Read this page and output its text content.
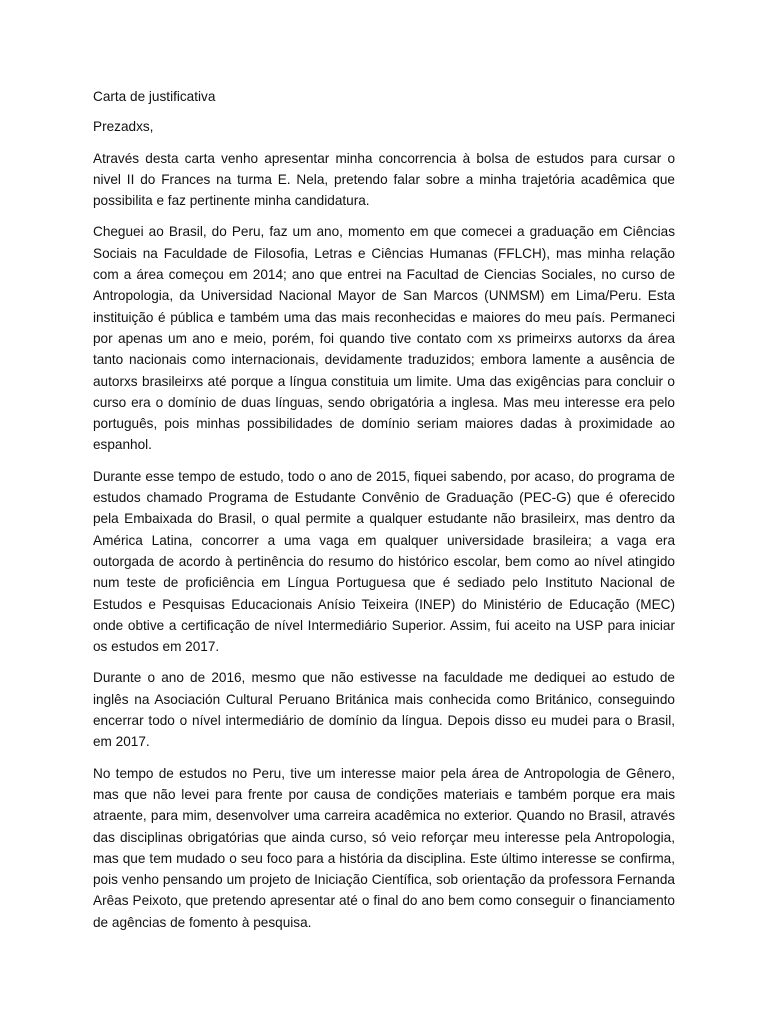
Carta de justificativa

Prezadxs,

Através desta carta venho apresentar minha concorrencia à bolsa de estudos para cursar o nivel II do Frances na turma E. Nela, pretendo falar sobre a minha trajetória acadêmica que possibilita e faz pertinente minha candidatura.

Cheguei ao Brasil, do Peru, faz um ano, momento em que comecei a graduação em Ciências Sociais na Faculdade de Filosofia, Letras e Ciências Humanas (FFLCH), mas minha relação com a área começou em 2014; ano que entrei na Facultad de Ciencias Sociales, no curso de Antropologia, da Universidad Nacional Mayor de San Marcos (UNMSM) em Lima/Peru. Esta instituição é pública e também uma das mais reconhecidas e maiores do meu país. Permaneci por apenas um ano e meio, porém, foi quando tive contato com xs primeirxs autorxs da área tanto nacionais como internacionais, devidamente traduzidos; embora lamente a ausência de autorxs brasileirxs até porque a língua constituia um limite. Uma das exigências para concluir o curso era o domínio de duas línguas, sendo obrigatória a inglesa. Mas meu interesse era pelo português, pois minhas possibilidades de domínio seriam maiores dadas à proximidade ao espanhol.

Durante esse tempo de estudo, todo o ano de 2015, fiquei sabendo, por acaso, do programa de estudos chamado Programa de Estudante Convênio de Graduação (PEC-G) que é oferecido pela Embaixada do Brasil, o qual permite a qualquer estudante não brasileirx, mas dentro da América Latina, concorrer a uma vaga em qualquer universidade brasileira; a vaga era outorgada de acordo à pertinência do resumo do histórico escolar, bem como ao nível atingido num teste de proficiência em Língua Portuguesa que é sediado pelo Instituto Nacional de Estudos e Pesquisas Educacionais Anísio Teixeira (INEP) do Ministério de Educação (MEC) onde obtive a certificação de nível Intermediário Superior. Assim, fui aceito na USP para iniciar os estudos em 2017.

Durante o ano de 2016, mesmo que não estivesse na faculdade me dediquei ao estudo de inglês na Asociación Cultural Peruano Británica mais conhecida como Británico, conseguindo encerrar todo o nível intermediário de domínio da língua. Depois disso eu mudei para o Brasil, em 2017.

No tempo de estudos no Peru, tive um interesse maior pela área de Antropologia de Gênero, mas que não levei para frente por causa de condições materiais e também porque era mais atraente, para mim, desenvolver uma carreira acadêmica no exterior. Quando no Brasil, através das disciplinas obrigatórias que ainda curso, só veio reforçar meu interesse pela Antropologia, mas que tem mudado o seu foco para a história da disciplina. Este último interesse se confirma, pois venho pensando um projeto de Iniciação Científica, sob orientação da professora Fernanda Arêas Peixoto, que pretendo apresentar até o final do ano bem como conseguir o financiamento de agências de fomento à pesquisa.
